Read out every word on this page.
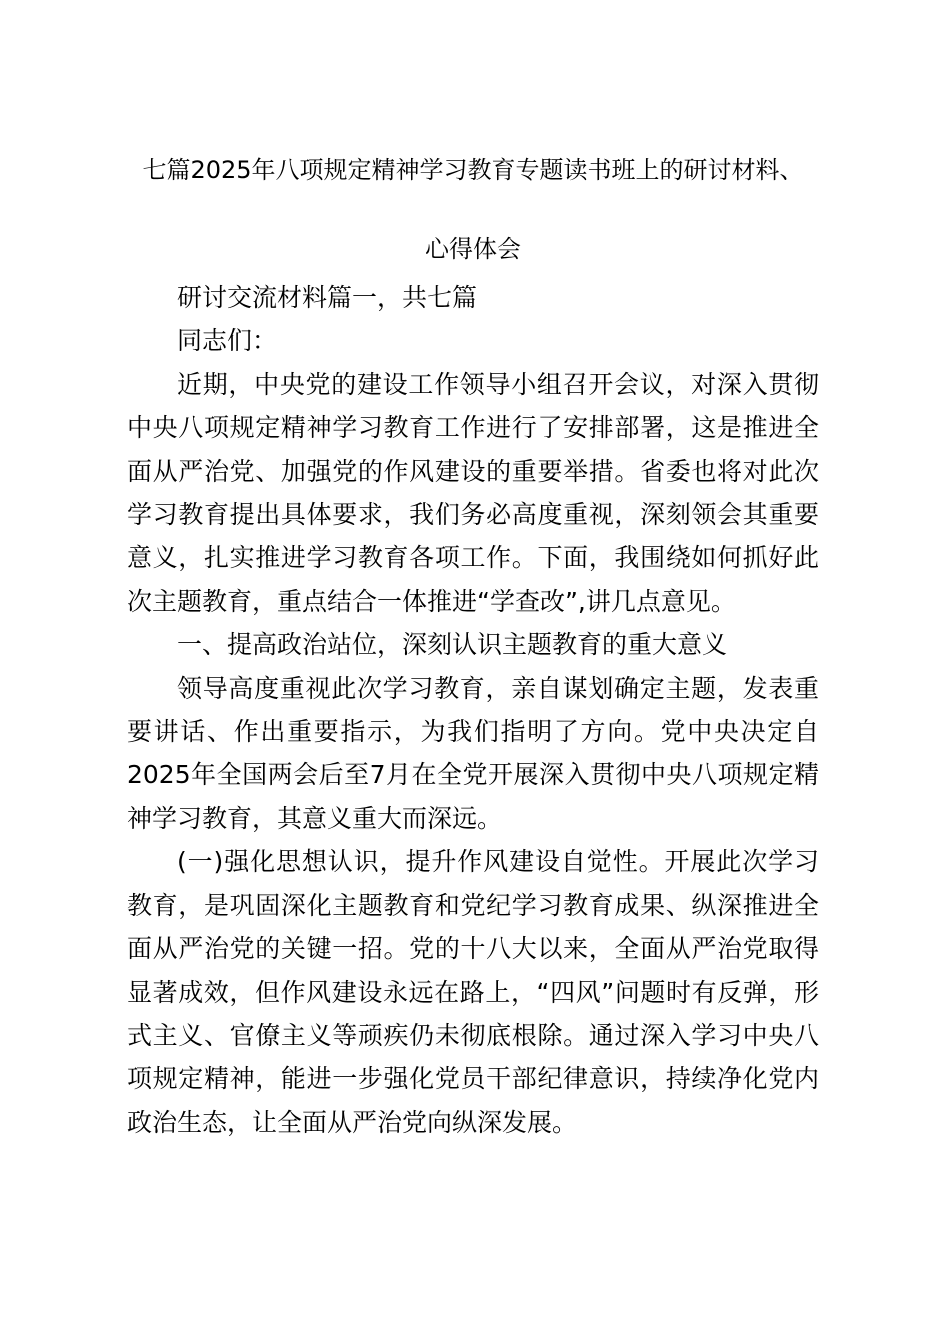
七篇2025年八项规定精神学习教育专题读书班上的研讨材料、
心得体会

研讨交流材料篇一，共七篇

同志们：

近期，中央党的建设工作领导小组召开会议，对深入贯彻中央八项规定精神学习教育工作进行了安排部署，这是推进全面从严治党、加强党的作风建设的重要举措。省委也将对此次学习教育提出具体要求，我们务必高度重视，深刻领会其重要意义，扎实推进学习教育各项工作。下面，我围绕如何抓好此次主题教育，重点结合一体推进“学查改”,讲几点意见。

一、提高政治站位，深刻认识主题教育的重大意义

领导高度重视此次学习教育，亲自谋划确定主题，发表重要讲话、作出重要指示，为我们指明了方向。党中央决定自2025年全国两会后至7月在全党开展深入贯彻中央八项规定精神学习教育，其意义重大而深远。

(一)强化思想认识，提升作风建设自觉性。开展此次学习教育，是巩固深化主题教育和党纪学习教育成果、纵深推进全面从严治党的关键一招。党的十八大以来，全面从严治党取得显著成效，但作风建设永远在路上，“四风”问题时有反弹，形式主义、官僚主义等顽疾仍未彻底根除。通过深入学习中央八项规定精神，能进一步强化党员干部纪律意识，持续净化党内政治生态，让全面从严治党向纵深发展。
